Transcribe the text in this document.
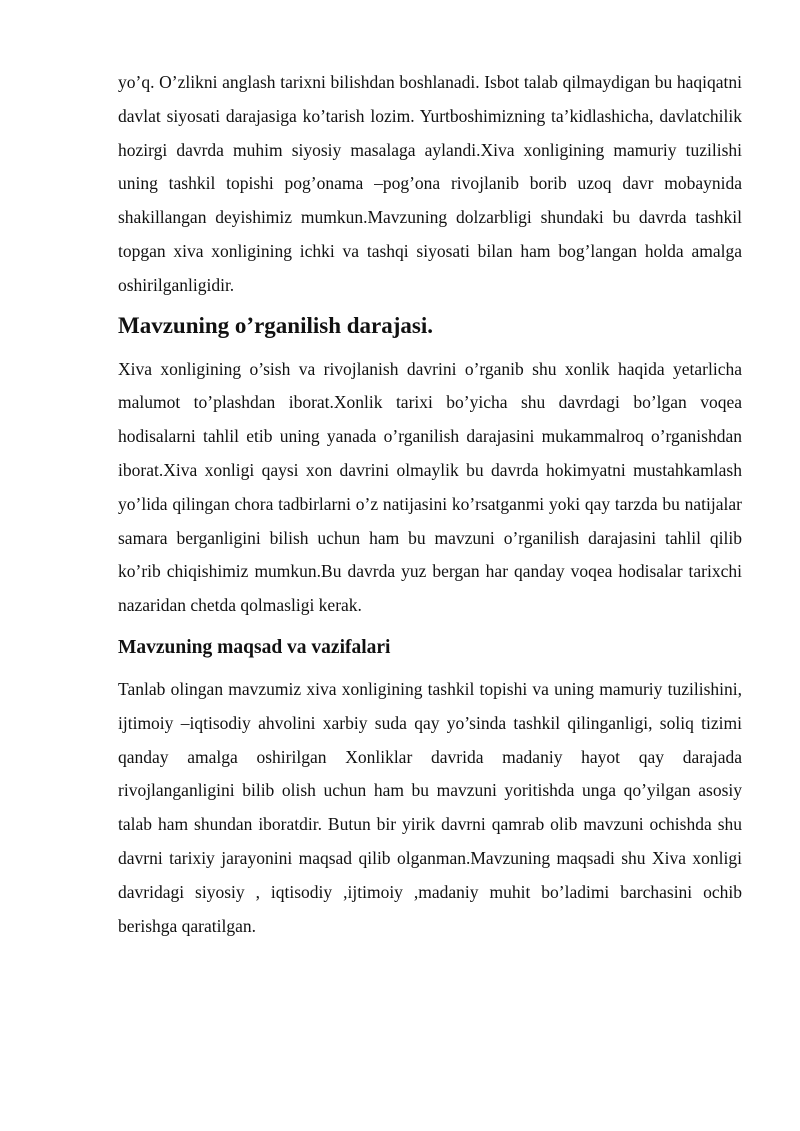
yo’q. O’zlikni anglash tarixni bilishdan boshlanadi. Isbot talab qilmaydigan bu haqiqatni davlat siyosati darajasiga ko’tarish lozim. Yurtboshimizning ta’kidlashicha, davlatchilik hozirgi davrda muhim siyosiy masalaga aylandi.Xiva xonligining mamuriy tuzilishi uning tashkil topishi pog’onama –pog’ona rivojlanib borib uzoq davr mobaynida shakillangan deyishimiz mumkun.Mavzuning dolzarbligi shundaki bu davrda tashkil topgan xiva xonligining ichki va tashqi siyosati bilan ham bog’langan holda amalga oshirilganligidir.

Mavzuning o’rganilish darajasi.

Xiva xonligining o’sish va rivojlanish davrini o’rganib shu xonlik haqida yetarlicha malumot to’plashdan iborat.Xonlik tarixi bo’yicha shu davrdagi bo’lgan voqea hodisalarni tahlil etib uning yanada o’rganilish darajasini mukammalroq o’rganishdan iborat.Xiva xonligi qaysi xon davrini olmaylik bu davrda hokimyatni mustahkamlash yo’lida qilingan chora tadbirlarni o’z natijasini ko’rsatganmi yoki qay tarzda bu natijalar samara berganligini bilish uchun ham bu mavzuni o’rganilish darajasini tahlil qilib ko’rib chiqishimiz mumkun.Bu davrda yuz bergan har qanday voqea hodisalar tarixchi nazaridan chetda qolmasligi kerak.

Mavzuning maqsad va vazifalari

Tanlab olingan mavzumiz xiva xonligining tashkil topishi va uning mamuriy tuzilishini, ijtimoiy –iqtisodiy ahvolini xarbiy suda qay yo’sinda tashkil qilinganligi, soliq tizimi qanday amalga oshirilgan Xonliklar davrida madaniy hayot qay darajada rivojlanganligini bilib olish uchun ham bu mavzuni yoritishda unga qo’yilgan asosiy talab ham shundan iboratdir. Butun bir yirik davrni qamrab olib mavzuni ochishda shu davrni tarixiy jarayonini maqsad qilib olganman.Mavzuning maqsadi shu Xiva xonligi davridagi siyosiy , iqtisodiy ,ijtimoiy ,madaniy muhit bo’ladimi barchasini ochib berishga qaratilgan.
